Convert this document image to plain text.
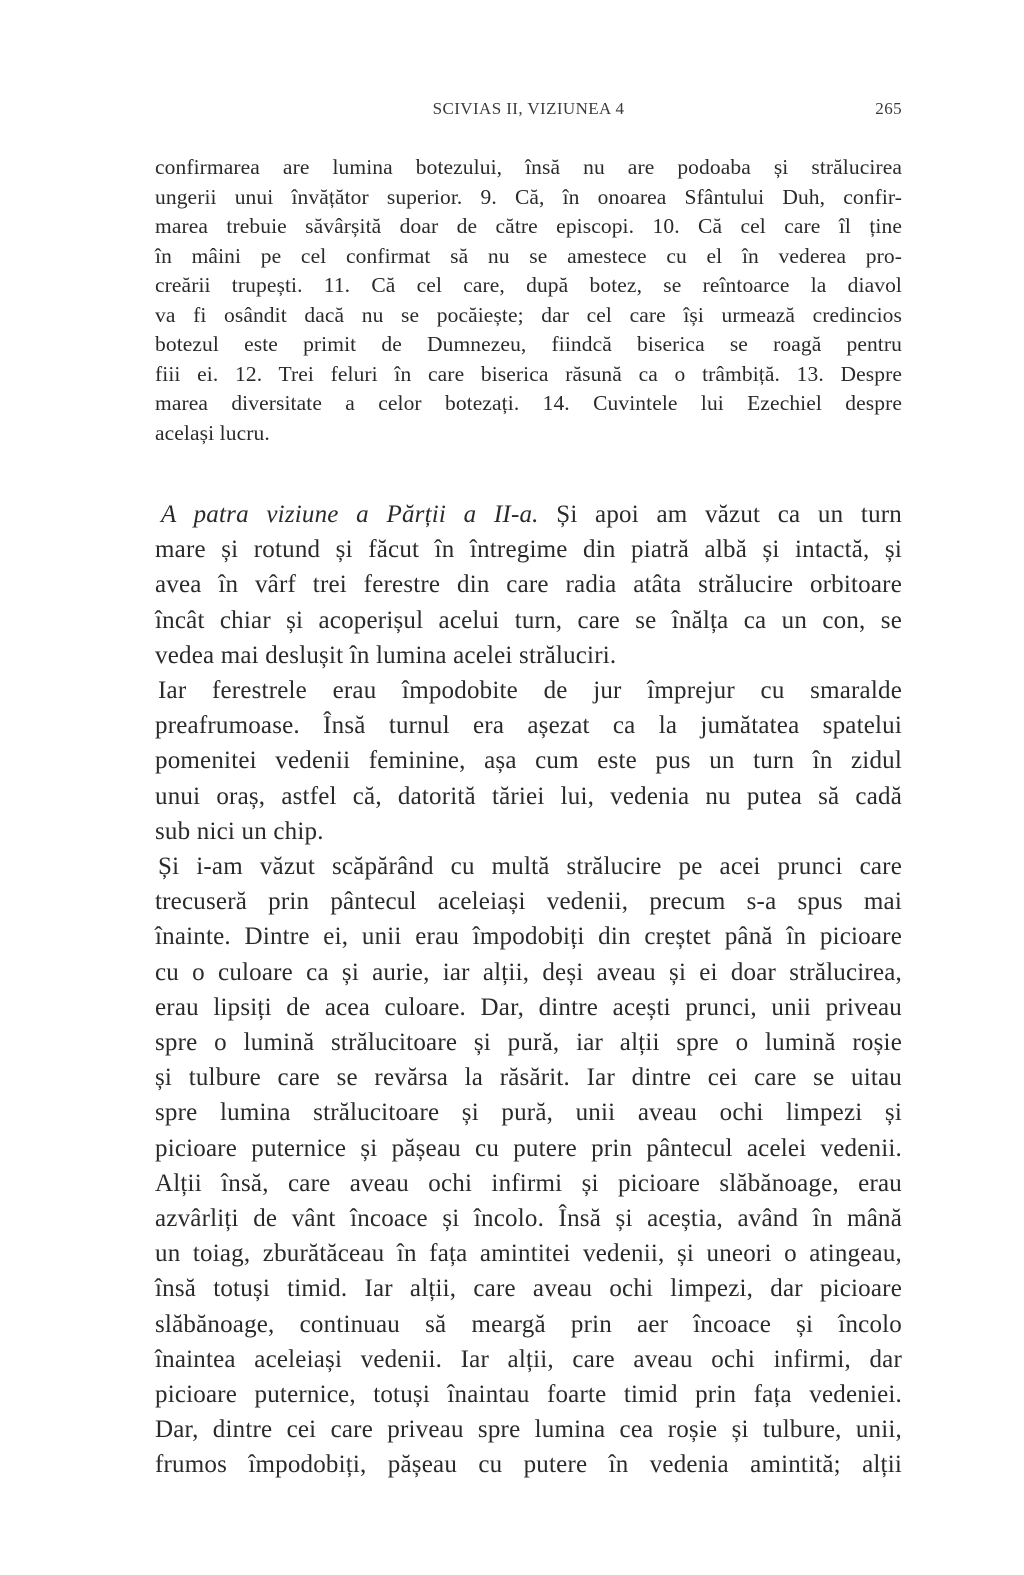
SCIVIAS II, VIZIUNEA 4	265
confirmarea are lumina botezului, însă nu are podoaba și strălucirea
ungerii unui învățător superior. 9. Că, în onoarea Sfântului Duh, confir-
marea trebuie săvârșită doar de către episcopi. 10. Că cel care îl ține
în mâini pe cel confirmat să nu se amestece cu el în vederea pro-
creării trupești. 11. Că cel care, după botez, se reîntoarce la diavol
va fi osândit dacă nu se pocăiește; dar cel care își urmează credincios
botezul este primit de Dumnezeu, fiindcă biserica se roagă pentru
fiii ei. 12. Trei feluri în care biserica răsună ca o trâmbiță. 13. Despre
marea diversitate a celor botezați. 14. Cuvintele lui Ezechiel despre
același lucru.
A patra viziune a Părții a II-a. Și apoi am văzut ca un turn
mare și rotund și făcut în întregime din piatră albă și intactă, și
avea în vârf trei ferestre din care radia atâta strălucire orbitoare
încât chiar și acoperișul acelui turn, care se înălța ca un con, se
vedea mai deslușit în lumina acelei străluciri.
Iar ferestrele erau împodobite de jur împrejur cu smaralde
preafrumoase. Însă turnul era așezat ca la jumătatea spatelui
pomenitei vedenii feminine, așa cum este pus un turn în zidul
unui oraș, astfel că, datorită tăriei lui, vedenia nu putea să cadă
sub nici un chip.
Și i-am văzut scăpărând cu multă strălucire pe acei prunci care
trecuseră prin pântecul aceleiași vedenii, precum s-a spus mai
înainte. Dintre ei, unii erau împodobiți din creștet până în picioare
cu o culoare ca și aurie, iar alții, deși aveau și ei doar strălucirea,
erau lipsiți de acea culoare. Dar, dintre acești prunci, unii priveau
spre o lumină strălucitoare și pură, iar alții spre o lumină roșie
și tulbure care se revărsa la răsărit. Iar dintre cei care se uitau
spre lumina strălucitoare și pură, unii aveau ochi limpezi și
picioare puternice și pășeau cu putere prin pântecul acelei vedenii.
Alții însă, care aveau ochi infirmi și picioare slăbănoage, erau
azvârliți de vânt încoace și încolo. Însă și aceștia, având în mână
un toiag, zburătăceau în fața amintitei vedenii, și uneori o atingeau,
însă totuși timid. Iar alții, care aveau ochi limpezi, dar picioare
slăbănoage, continuau să meargă prin aer încoace și încolo
înaintea aceleiași vedenii. Iar alții, care aveau ochi infirmi, dar
picioare puternice, totuși înaintau foarte timid prin fața vedeniei.
Dar, dintre cei care priveau spre lumina cea roșie și tulbure, unii,
frumos împodobiți, pășeau cu putere în vedenia amintită; alții
